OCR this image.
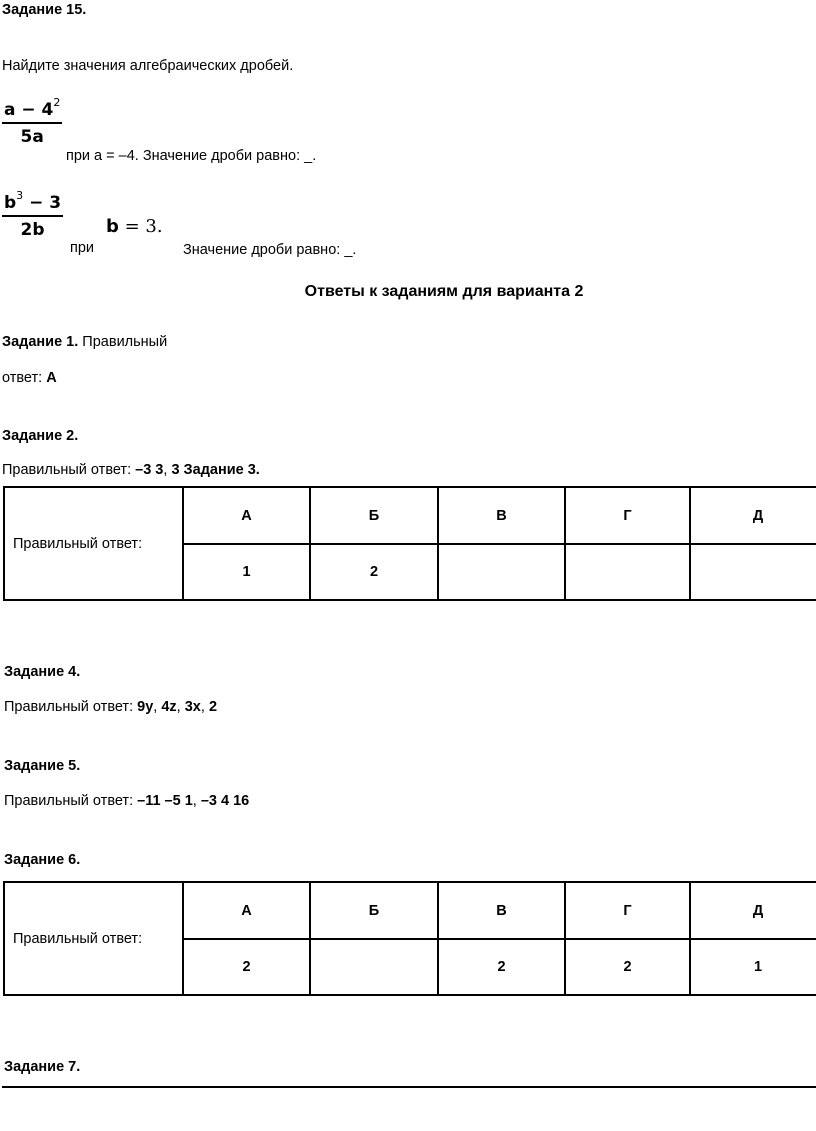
Задание 15.
Найдите значения алгебраических дробей.
$a - 4^2$
5a
при а = –4. Значение дроби равно: _.
$b^3 - 3$
2b
при
b = 3.
Значение дроби равно: _.
Ответы к заданиям для варианта 2
Задание 1. Правильный
ответ: А
Задание 2.
Правильный ответ: –3 3, 3 Задание 3.
Правильный ответ:	А	Б	В	Г	Д
	1	2			
Задание 4.
Правильный ответ: 9у, 4z, 3х, 2
Задание 5.
Правильный ответ: –11 –5 1, –3 4 16
Задание 6.
Правильный ответ:	А	Б	В	Г	Д
	2		2	2	1
Задание 7.
